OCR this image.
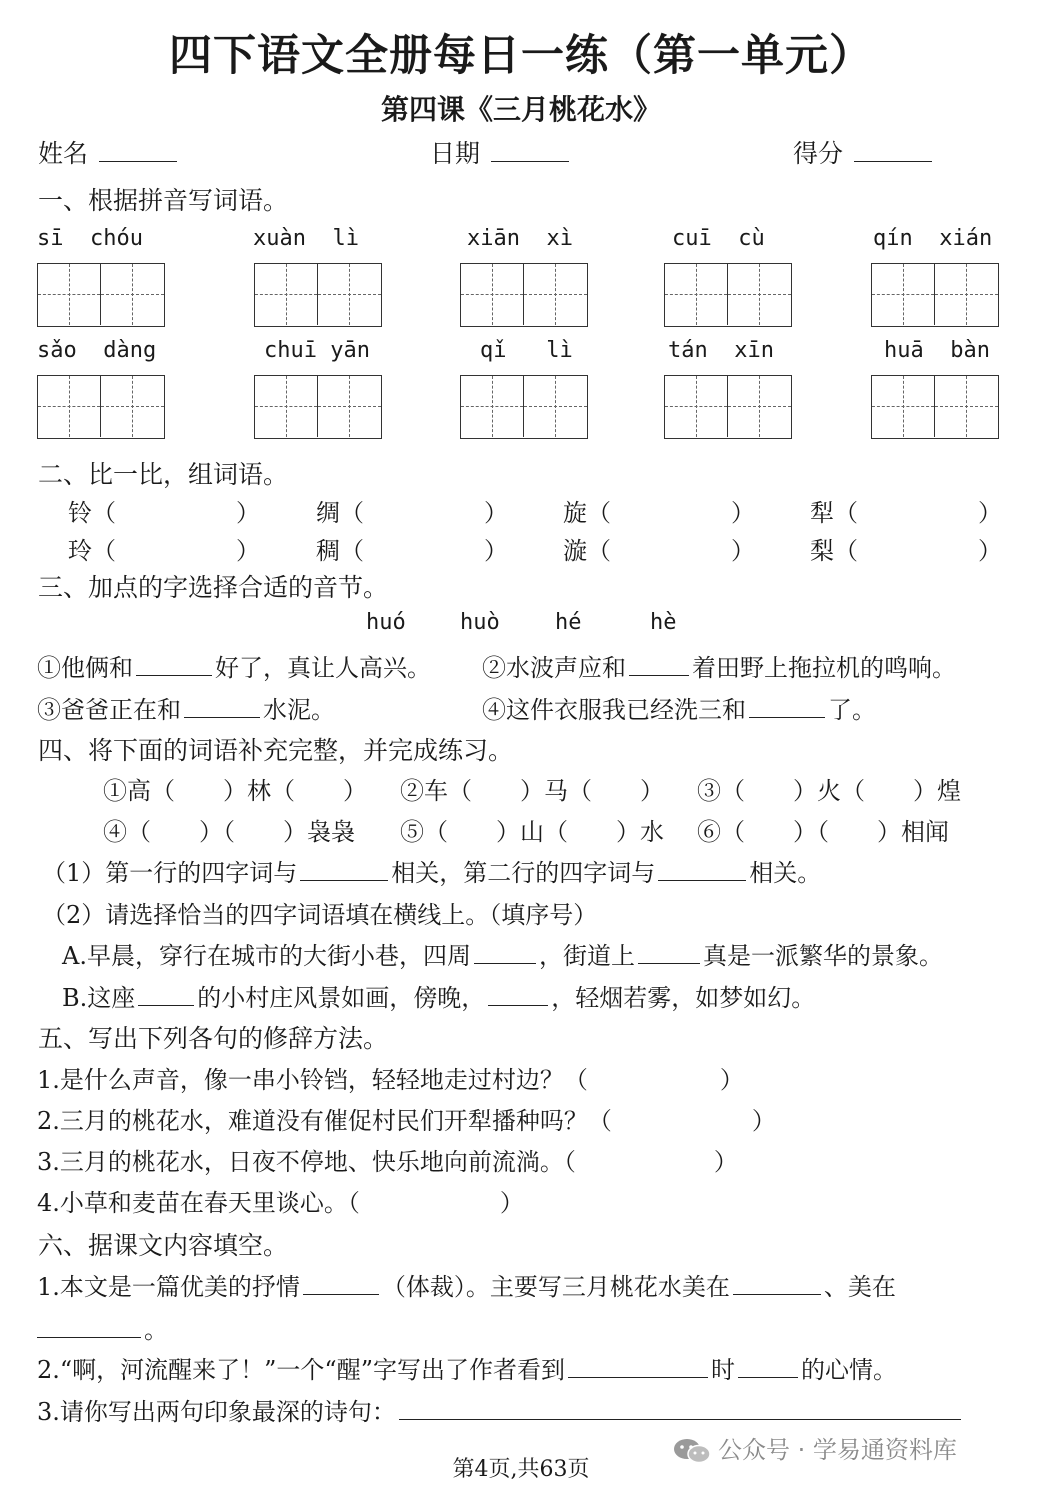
四下语文全册每日一练（第一单元）
第四课《三月桃花水》
姓名	日期	得分
一、根据拼音写词语。
sī chóu	xuàn lì	xiān xì	cuī cù	qín xián
sǎo dàng	chuī yān	qǐ lì	tán xīn	huā bàn
二、比一比，组词语。
铃（	） 绸（	） 旋（	） 犁（	）
玲（	） 稠（	） 漩（	） 梨（	）
三、加点的字选择合适的音节。
huó huò	hé	hè
①他俩和	好了，真让人高兴。 ②水波声应和	着田野上拖拉机的鸣响。
③爸爸正在和	水泥。	④这件衣服我已经洗三和	了。
四、将下面的词语补充完整，并完成练习。
①高（　　）林（　　） ②车（　　）马（　　） ③（　　）火（　　）煌
④（　　）（　　）袅袅 ⑤（　　）山（　　）水 ⑥（　　）（　　）相闻
（1）第一行的四字词与	相关，第二行的四字词与	相关。
（2）请选择恰当的四字词语填在横线上。（填序号）
A.早晨，穿行在城市的大街小巷，四周	，街道上	真是一派繁华的景象。
B.这座	的小村庄风景如画，傍晚，	，轻烟若雾，如梦如幻。
五、写出下列各句的修辞方法。
1.是什么声音，像一串小铃铛，轻轻地走过村边？（	）
2.三月的桃花水，难道没有催促村民们开犁播种吗？（	）
3.三月的桃花水，日夜不停地、快乐地向前流淌。（	）
4.小草和麦苗在春天里谈心。（	）
六、据课文内容填空。
1.本文是一篇优美的抒情	（体裁）。主要写三月桃花水美在	、美在
。
2.“啊，河流醒来了！”一个“醒”字写出了作者看到	时	的心情。
3.请你写出两句印象最深的诗句：
公众号 · 学易通资料库
第4页,共63页
